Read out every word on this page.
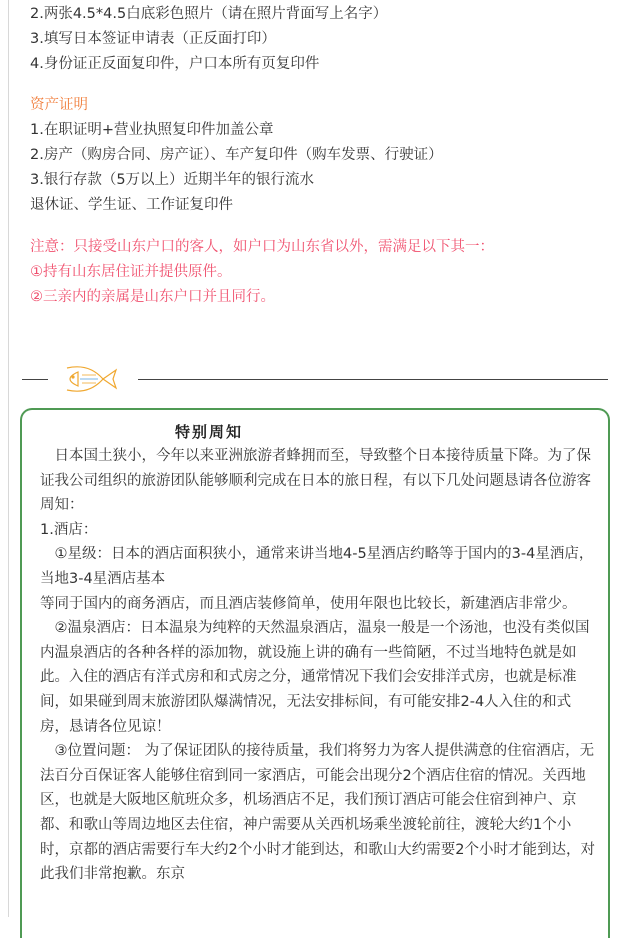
2.两张4.5*4.5白底彩色照片（请在照片背面写上名字）
3.填写日本签证申请表（正反面打印）
4.身份证正反面复印件，户口本所有页复印件
资产证明
1.在职证明+营业执照复印件加盖公章
2.房产（购房合同、房产证）、车产复印件（购车发票、行驶证）
3.银行存款（5万以上）近期半年的银行流水
退休证、学生证、工作证复印件
注意：只接受山东户口的客人，如户口为山东省以外，需满足以下其一：
①持有山东居住证并提供原件。
②三亲内的亲属是山东户口并且同行。
特别周知
　日本国土狭小，今年以来亚洲旅游者蜂拥而至，导致整个日本接待质量下降。为了保证我公司组织的旅游团队能够顺利完成在日本的旅日程，有以下几处问题恳请各位游客周知：
1.酒店：
　①星级：日本的酒店面积狭小，通常来讲当地4-5星酒店约略等于国内的3-4星酒店，当地3-4星酒店基本
等同于国内的商务酒店，而且酒店装修简单，使用年限也比较长，新建酒店非常少。
　②温泉酒店：日本温泉为纯粹的天然温泉酒店，温泉一般是一个汤池，也没有类似国内温泉酒店的各种各样的添加物，就设施上讲的确有一些简陋，不过当地特色就是如此。入住的酒店有洋式房和和式房之分，通常情况下我们会安排洋式房，也就是标准间，如果碰到周末旅游团队爆满情况，无法安排标间，有可能安排2-4人入住的和式房，恳请各位见谅！
　③位置问题： 为了保证团队的接待质量，我们将努力为客人提供满意的住宿酒店，无法百分百保证客人能够住宿到同一家酒店，可能会出现分2个酒店住宿的情况。关西地区，也就是大阪地区航班众多，机场酒店不足，我们预订酒店可能会住宿到神户、京都、和歌山等周边地区去住宿，神户需要从关西机场乘坐渡轮前往，渡轮大约1个小时，京都的酒店需要行车大约2个小时才能到达，和歌山大约需要2个小时才能到达，对此我们非常抱歉。东京
